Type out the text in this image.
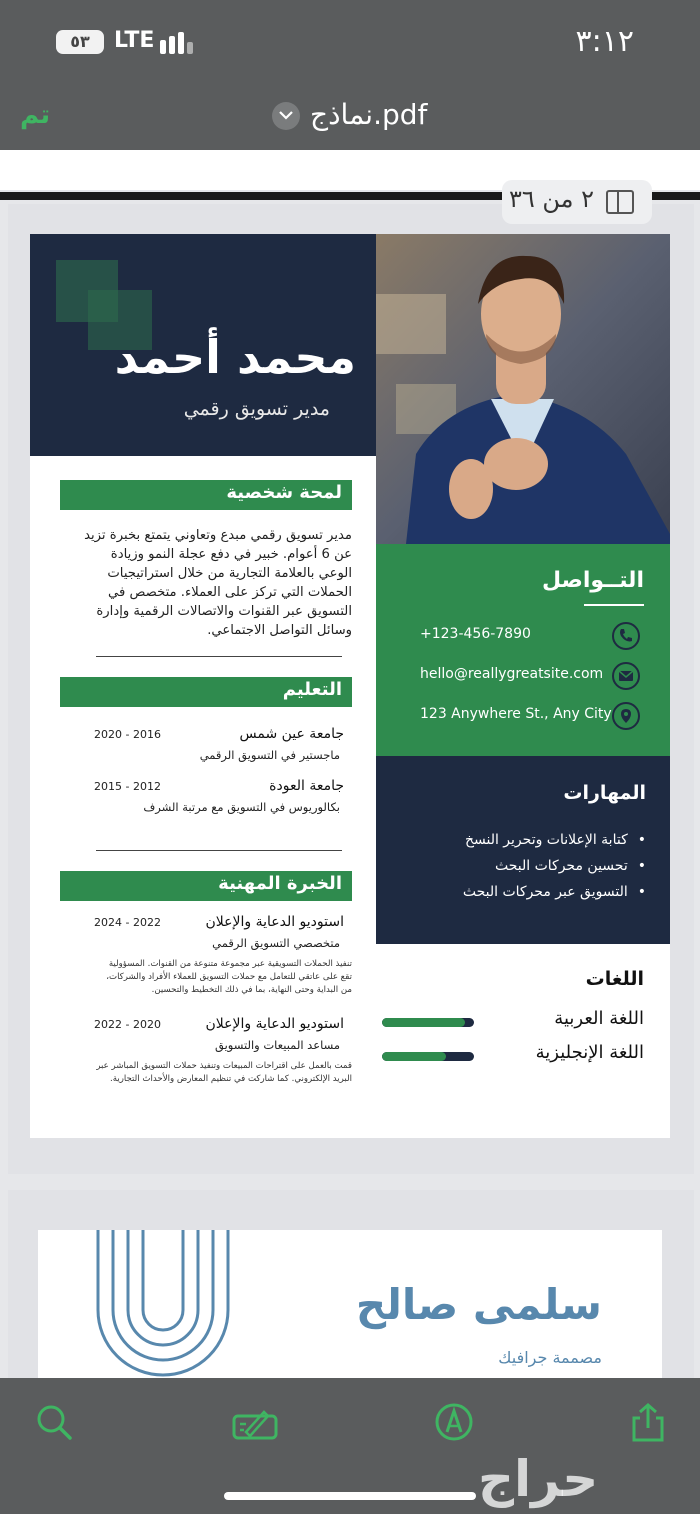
٥٣	LTE	٣:١٢
تم	نماذج.pdf
٢ من ٣٦
سلمى صالح
مصممة جرافيك
محمد أحمد
مدير تسويق رقمي
التــواصل
+123-456-7890
hello@reallygreatsite.com
123 Anywhere St., Any City
المهارات
• كتابة الإعلانات وتحرير النسخ
• تحسين محركات البحث
• التسويق عبر محركات البحث
اللغات
اللغة العربية
اللغة الإنجليزية
لمحة شخصية
مدير تسويق رقمي مبدع وتعاوني يتمتع بخبرة تزيد عن 6 أعوام. خبير في دفع عجلة النمو وزيادة الوعي بالعلامة التجارية من خلال استراتيجيات الحملات التي تركز على العملاء. متخصص في التسويق عبر القنوات والاتصالات الرقمية وإدارة وسائل التواصل الاجتماعي.
التعليم
جامعة عين شمس
2020 - 2016
ماجستير في التسويق الرقمي
جامعة العودة
2015 - 2012
بكالوريوس في التسويق مع مرتبة الشرف
الخبرة المهنية
استوديو الدعاية والإعلان
2024 - 2022
متخصصي التسويق الرقمي
تنفيذ الحملات التسويقية عبر مجموعة متنوعة من القنوات. المسؤولية تقع على عاتقي للتعامل مع حملات التسويق للعملاء الأفراد والشركات، من البداية وحتى النهاية، بما في ذلك التخطيط والتحسين.
استوديو الدعاية والإعلان
2022 - 2020
مساعد المبيعات والتسويق
قمت بالعمل على اقتراحات المبيعات وتنفيذ حملات التسويق المباشر عبر البريد الإلكتروني. كما شاركت في تنظيم المعارض والأحداث التجارية.
حراج
